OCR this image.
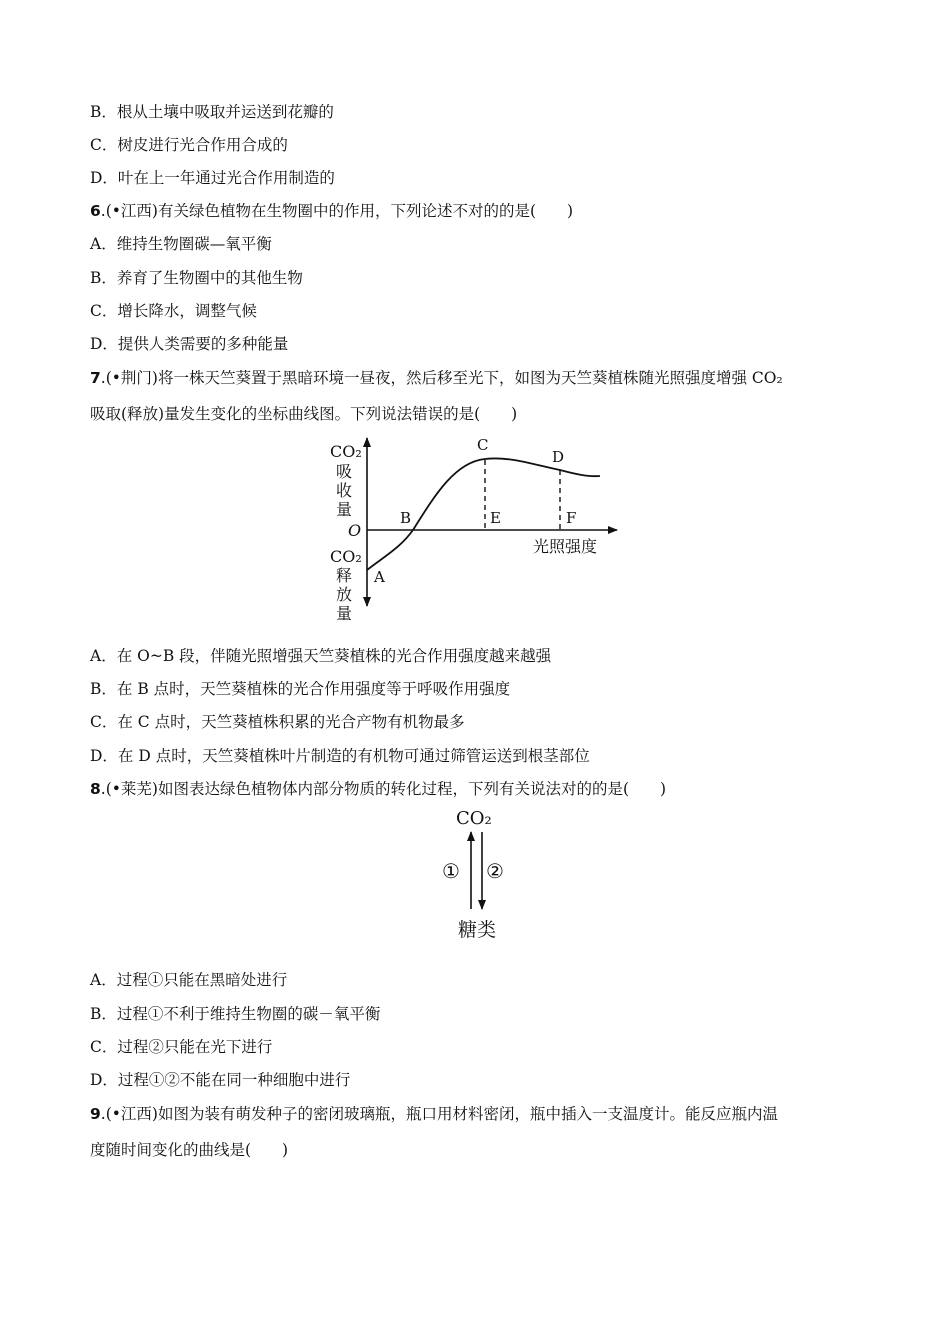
B．根从土壤中吸取并运送到花瓣的
C．树皮进行光合作用合成的
D．叶在上一年通过光合作用制造的
6.(•江西)有关绿色植物在生物圈中的作用，下列论述不对的的是(　　)
A．维持生物圈碳—氧平衡
B．养育了生物圈中的其他生物
C．增长降水，调整气候
D．提供人类需要的多种能量
7.(•荆门)将一株天竺葵置于黑暗环境一昼夜，然后移至光下，如图为天竺葵植株随光照强度增强 CO₂
吸取(释放)量发生变化的坐标曲线图。下列说法错误的是(　　)
CO₂
吸
收
量
O
CO₂
释
放
量
A
B
C
D
E	F
光照强度
A．在 O~B 段，伴随光照增强天竺葵植株的光合作用强度越来越强
B．在 B 点时，天竺葵植株的光合作用强度等于呼吸作用强度
C．在 C 点时，天竺葵植株积累的光合产物有机物最多
D．在 D 点时，天竺葵植株叶片制造的有机物可通过筛管运送到根茎部位
8.(•莱芜)如图表达绿色植物体内部分物质的转化过程，下列有关说法对的的是(　　)
CO₂
① ②
糖类
A．过程①只能在黑暗处进行
B．过程①不利于维持生物圈的碳－氧平衡
C．过程②只能在光下进行
D．过程①②不能在同一种细胞中进行
9.(•江西)如图为装有萌发种子的密闭玻璃瓶，瓶口用材料密闭，瓶中插入一支温度计。能反应瓶内温
度随时间变化的曲线是(　　)
